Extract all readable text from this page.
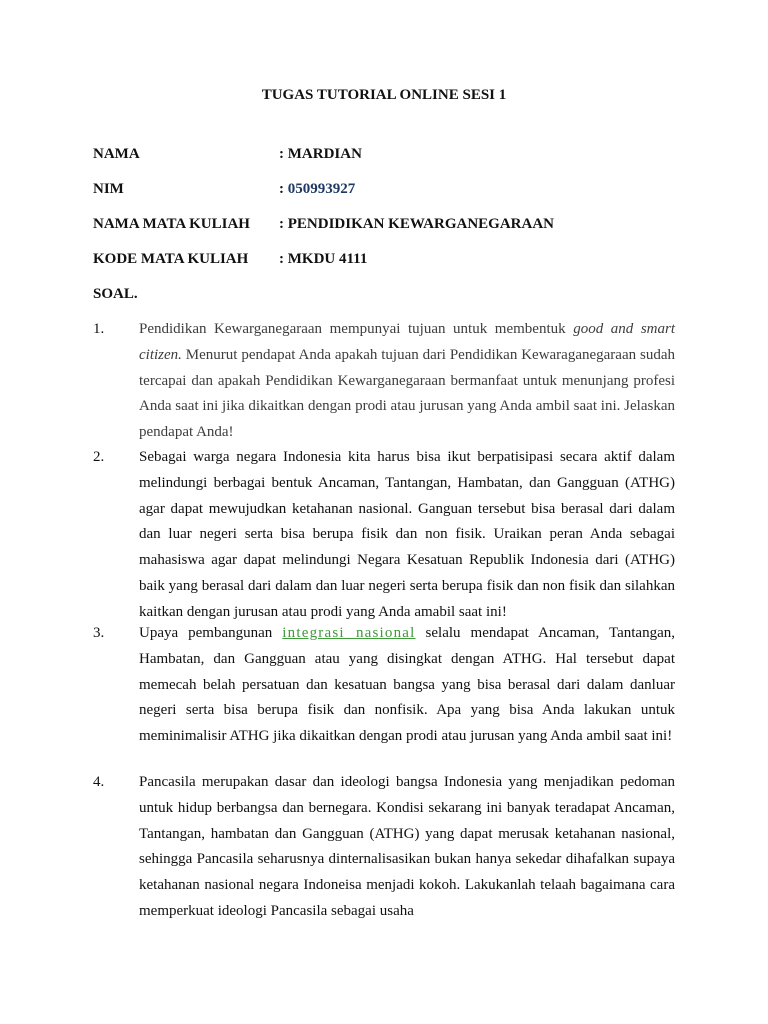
TUGAS TUTORIAL ONLINE SESI 1
NAMA	: MARDIAN
NIM	: 050993927
NAMA MATA KULIAH : PENDIDIKAN KEWARGANEGARAAN
KODE MATA KULIAH : MKDU 4111
SOAL.
1. Pendidikan Kewarganegaraan mempunyai tujuan untuk membentuk good and smart citizen. Menurut pendapat Anda apakah tujuan dari Pendidikan Kewaraganegaraan sudah tercapai dan apakah Pendidikan Kewarganegaraan bermanfaat untuk menunjang profesi Anda saat ini jika dikaitkan dengan prodi atau jurusan yang Anda ambil saat ini. Jelaskan pendapat Anda!
2. Sebagai warga negara Indonesia kita harus bisa ikut berpatisipasi secara aktif dalam melindungi berbagai bentuk Ancaman, Tantangan, Hambatan, dan Gangguan (ATHG) agar dapat mewujudkan ketahanan nasional. Ganguan tersebut bisa berasal dari dalam dan luar negeri serta bisa berupa fisik dan non fisik. Uraikan peran Anda sebagai mahasiswa agar dapat melindungi Negara Kesatuan Republik Indonesia dari (ATHG) baik yang berasal dari dalam dan luar negeri serta berupa fisik dan non fisik dan silahkan kaitkan dengan jurusan atau prodi yang Anda amabil saat ini!
3. Upaya pembangunan integrasi nasional selalu mendapat Ancaman, Tantangan, Hambatan, dan Gangguan atau yang disingkat dengan ATHG. Hal tersebut dapat memecah belah persatuan dan kesatuan bangsa yang bisa berasal dari dalam danluar negeri serta bisa berupa fisik dan nonfisik. Apa yang bisa Anda lakukan untuk meminimalisir ATHG jika dikaitkan dengan prodi atau jurusan yang Anda ambil saat ini!
4. Pancasila merupakan dasar dan ideologi bangsa Indonesia yang menjadikan pedoman untuk hidup berbangsa dan bernegara. Kondisi sekarang ini banyak teradapat Ancaman, Tantangan, hambatan dan Gangguan (ATHG) yang dapat merusak ketahanan nasional, sehingga Pancasila seharusnya dinternalisasikan bukan hanya sekedar dihafalkan supaya ketahanan nasional negara Indoneisa menjadi kokoh. Lakukanlah telaah bagaimana cara memperkuat ideologi Pancasila sebagai usaha
